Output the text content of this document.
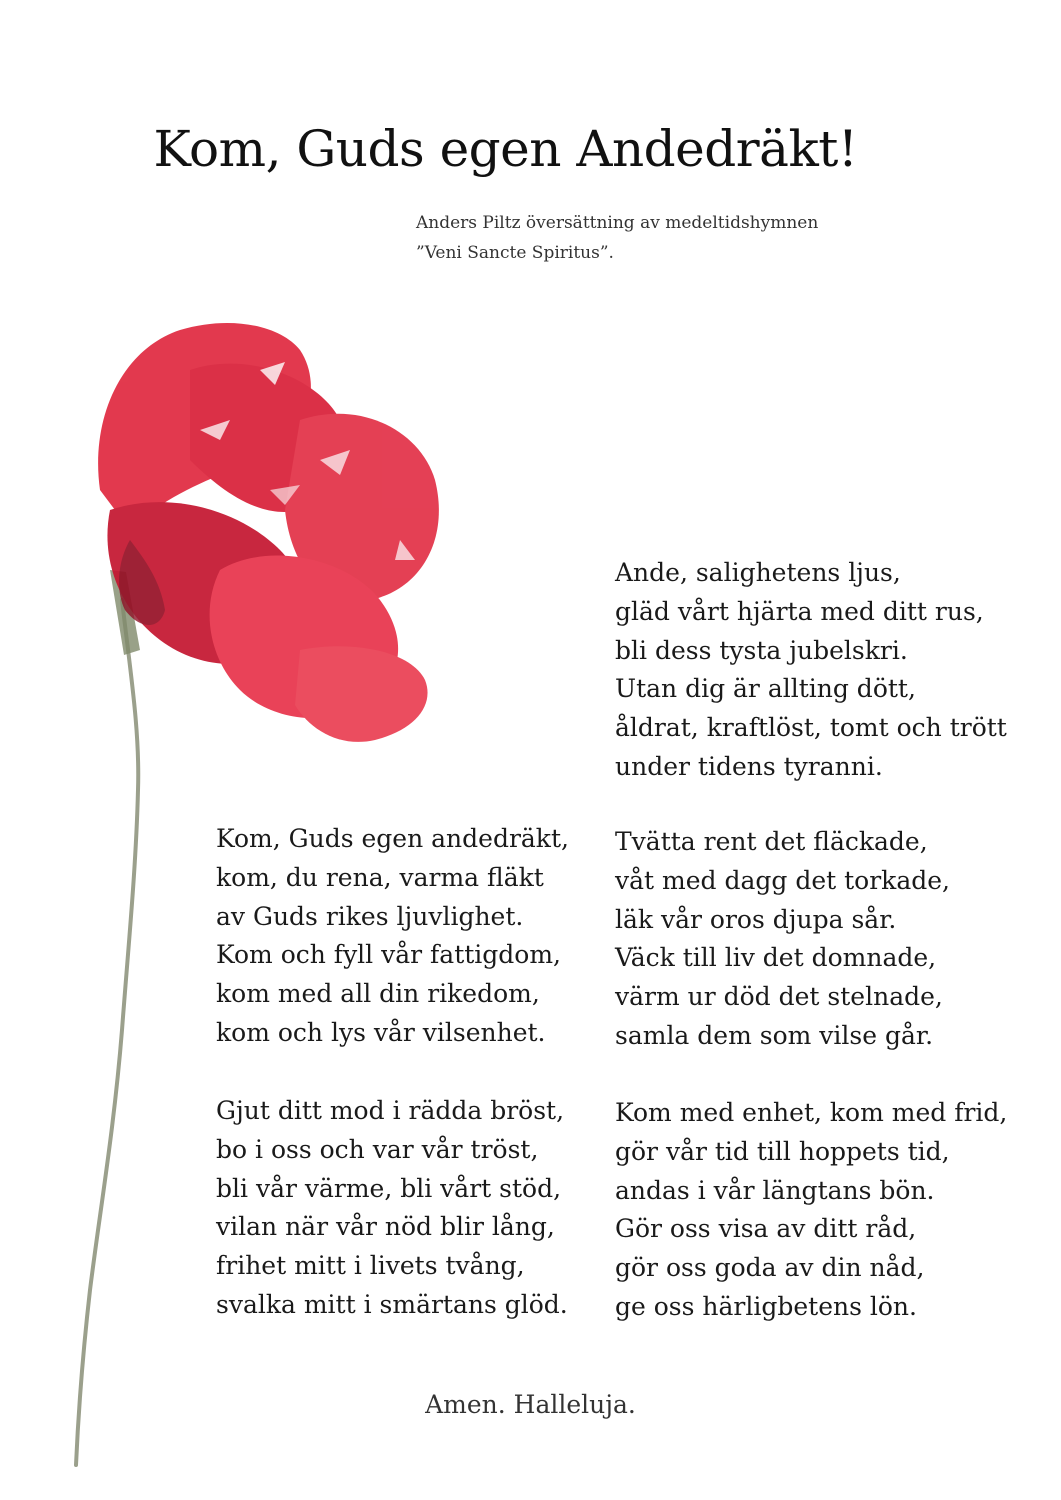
Kom, Guds egen Andedräkt!
Anders Piltz översättning av medeltidshymnen
”Veni Sancte Spiritus”.
Ande, salighetens ljus,
gläd vårt hjärta med ditt rus,
bli dess tysta jubelskri.
Utan dig är allting dött,
åldrat, kraftlöst, tomt och trött
under tidens tyranni.
Kom, Guds egen andedräkt,
kom, du rena, varma fläkt
av Guds rikes ljuvlighet.
Kom och fyll vår fattigdom,
kom med all din rikedom,
kom och lys vår vilsenhet.
Tvätta rent det fläckade,
våt med dagg det torkade,
läk vår oros djupa sår.
Väck till liv det domnade,
värm ur död det stelnade,
samla dem som vilse går.
Gjut ditt mod i rädda bröst,
bo i oss och var vår tröst,
bli vår värme, bli vårt stöd,
vilan när vår nöd blir lång,
frihet mitt i livets tvång,
svalka mitt i smärtans glöd.
Kom med enhet, kom med frid,
gör vår tid till hoppets tid,
andas i vår längtans bön.
Gör oss visa av ditt råd,
gör oss goda av din nåd,
ge oss härligbetens lön.
Amen. Halleluja.
